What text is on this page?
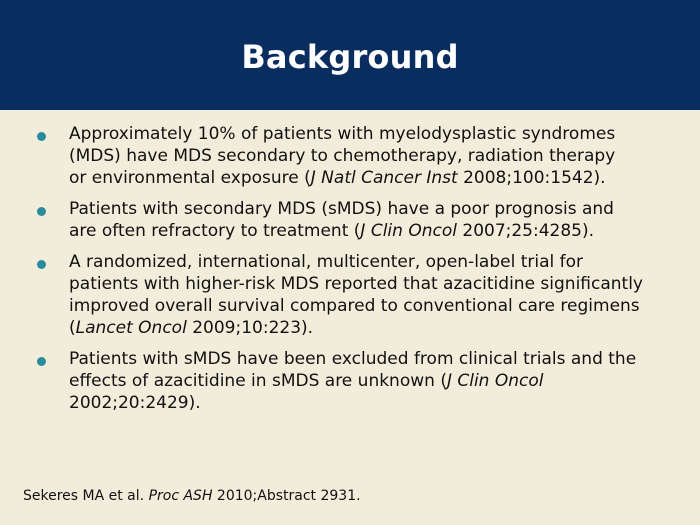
Background
Approximately 10% of patients with myelodysplastic syndromes
(MDS) have MDS secondary to chemotherapy, radiation therapy
or environmental exposure (J Natl Cancer Inst 2008;100:1542).
Patients with secondary MDS (sMDS) have a poor prognosis and
are often refractory to treatment (J Clin Oncol 2007;25:4285).
A randomized, international, multicenter, open-label trial for
patients with higher-risk MDS reported that azacitidine significantly
improved overall survival compared to conventional care regimens
(Lancet Oncol 2009;10:223).
Patients with sMDS have been excluded from clinical trials and the
effects of azacitidine in sMDS are unknown (J Clin Oncol
2002;20:2429).
Sekeres MA et al. Proc ASH 2010;Abstract 2931.
